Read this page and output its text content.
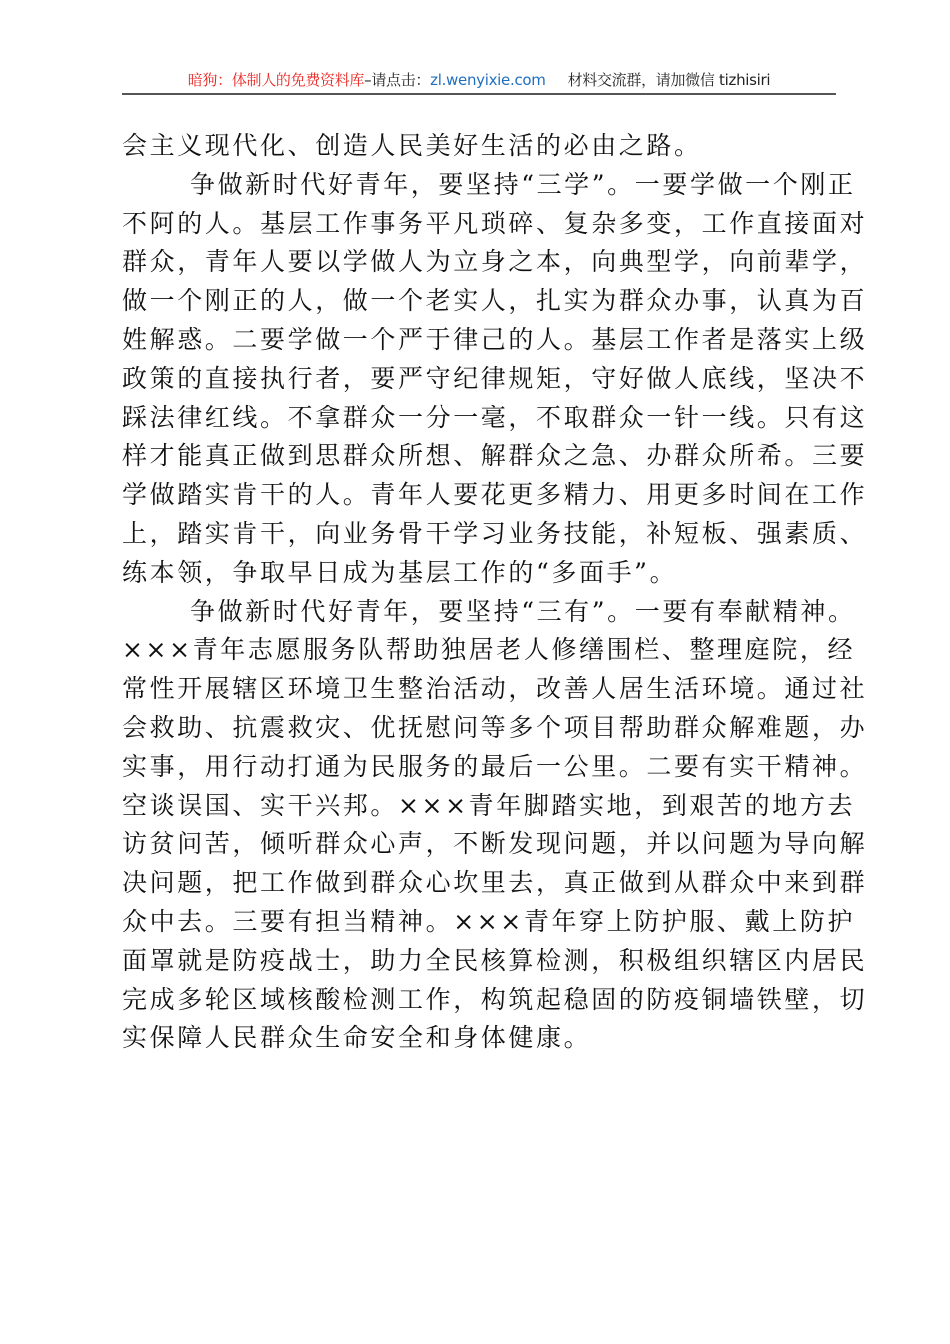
暗狗：体制人的免费资料库–请点击：zl.wenyixie.com 材料交流群，请加微信 tizhisiri
会主义现代化、创造人民美好生活的必由之路。
争做新时代好青年，要坚持“三学”。一要学做一个刚正
不阿的人。基层工作事务平凡琐碎、复杂多变，工作直接面对
群众，青年人要以学做人为立身之本，向典型学，向前辈学，
做一个刚正的人，做一个老实人，扎实为群众办事，认真为百
姓解惑。二要学做一个严于律己的人。基层工作者是落实上级
政策的直接执行者，要严守纪律规矩，守好做人底线，坚决不
踩法律红线。不拿群众一分一毫，不取群众一针一线。只有这
样才能真正做到思群众所想、解群众之急、办群众所希。三要
学做踏实肯干的人。青年人要花更多精力、用更多时间在工作
上，踏实肯干，向业务骨干学习业务技能，补短板、强素质、
练本领，争取早日成为基层工作的“多面手”。
争做新时代好青年，要坚持“三有”。一要有奉献精神。
×××青年志愿服务队帮助独居老人修缮围栏、整理庭院，经
常性开展辖区环境卫生整治活动，改善人居生活环境。通过社
会救助、抗震救灾、优抚慰问等多个项目帮助群众解难题，办
实事，用行动打通为民服务的最后一公里。二要有实干精神。
空谈误国、实干兴邦。×××青年脚踏实地，到艰苦的地方去
访贫问苦，倾听群众心声，不断发现问题，并以问题为导向解
决问题，把工作做到群众心坎里去，真正做到从群众中来到群
众中去。三要有担当精神。×××青年穿上防护服、戴上防护
面罩就是防疫战士，助力全民核算检测，积极组织辖区内居民
完成多轮区域核酸检测工作，构筑起稳固的防疫铜墙铁壁，切
实保障人民群众生命安全和身体健康。
